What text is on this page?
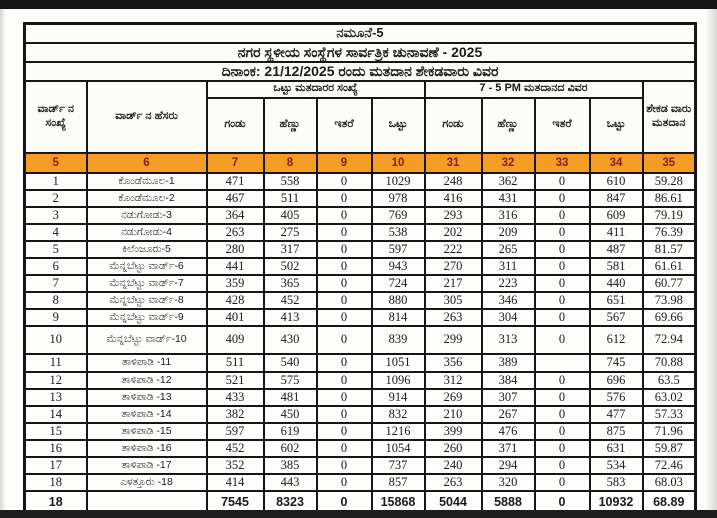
ನಮೂನೆ-5										
ನಗರ ಸ್ಥಳೀಯ ಸಂಸ್ಥೆಗಳ ಸಾರ್ವತ್ರಿಕ ಚುನಾವಣೆ - 2025										
ದಿನಾಂಕ: 21/12/2025 ರಂದು ಮತದಾನ ಶೇಕಡವಾರು ವಿವರ										
ವಾರ್ಡ್ ನ ಸಂಖ್ಯೆ	ವಾರ್ಡ್ ನ ಹೆಸರು	ಒಟ್ಟು ಮತದಾರರ ಸಂಖ್ಯೆ				7 - 5 PM ಮತದಾನದ ವಿವರ				ಶೇಕಡ ವಾರು ಮತದಾನ
		ಗಂಡು	ಹೆಣ್ಣು	ಇತರೆ	ಒಟ್ಟು	ಗಂಡು	ಹೆಣ್ಣು	ಇತರೆ	ಒಟ್ಟು	
5	6	7	8	9	10	31	32	33	34	35
1	ಕೊಂಡೆಮೂಲ-1	471	558	0	1029	248	362	0	610	59.28
2	ಕೊಂಡೆಮೂಲ-2	467	511	0	978	416	431	0	847	86.61
3	ನಡುಗೋಡು-3	364	405	0	769	293	316	0	609	79.19
4	ನಡುಗೋಡು-4	263	275	0	538	202	209	0	411	76.39
5	ಕಿಲೆಂಜೂರು-5	280	317	0	597	222	265	0	487	81.57
6	ಮೆನ್ನಬೆಟ್ಟು ವಾರ್ಡ್-6	441	502	0	943	270	311	0	581	61.61
7	ಮೆನ್ನಬೆಟ್ಟು ವಾರ್ಡ್-7	359	365	0	724	217	223	0	440	60.77
8	ಮೆನ್ನಬೆಟ್ಟು ವಾರ್ಡ್-8	428	452	0	880	305	346	0	651	73.98
9	ಮೆನ್ನಬೆಟ್ಟು ವಾರ್ಡ್-9	401	413	0	814	263	304	0	567	69.66
10	ಮೆನ್ನಬೆಟ್ಟು ವಾರ್ಡ್-10	409	430	0	839	299	313	0	612	72.94
11	ತಾಳಿಪಾಡಿ -11	511	540	0	1051	356	389		745	70.88
12	ತಾಳಿಪಾಡಿ -12	521	575	0	1096	312	384	0	696	63.5
13	ತಾಳಿಪಾಡಿ -13	433	481	0	914	269	307	0	576	63.02
14	ತಾಳಿಪಾಡಿ -14	382	450	0	832	210	267	0	477	57.33
15	ತಾಳಿಪಾಡಿ -15	597	619	0	1216	399	476	0	875	71.96
16	ತಾಳಿಪಾಡಿ -16	452	602	0	1054	260	371	0	631	59.87
17	ತಾಳಿಪಾಡಿ -17	352	385	0	737	240	294	0	534	72.46
18	ಎಳತ್ತೂರು -18	414	443	0	857	263	320	0	583	68.03
18		7545	8323	0	15868	5044	5888	0	10932	68.89
